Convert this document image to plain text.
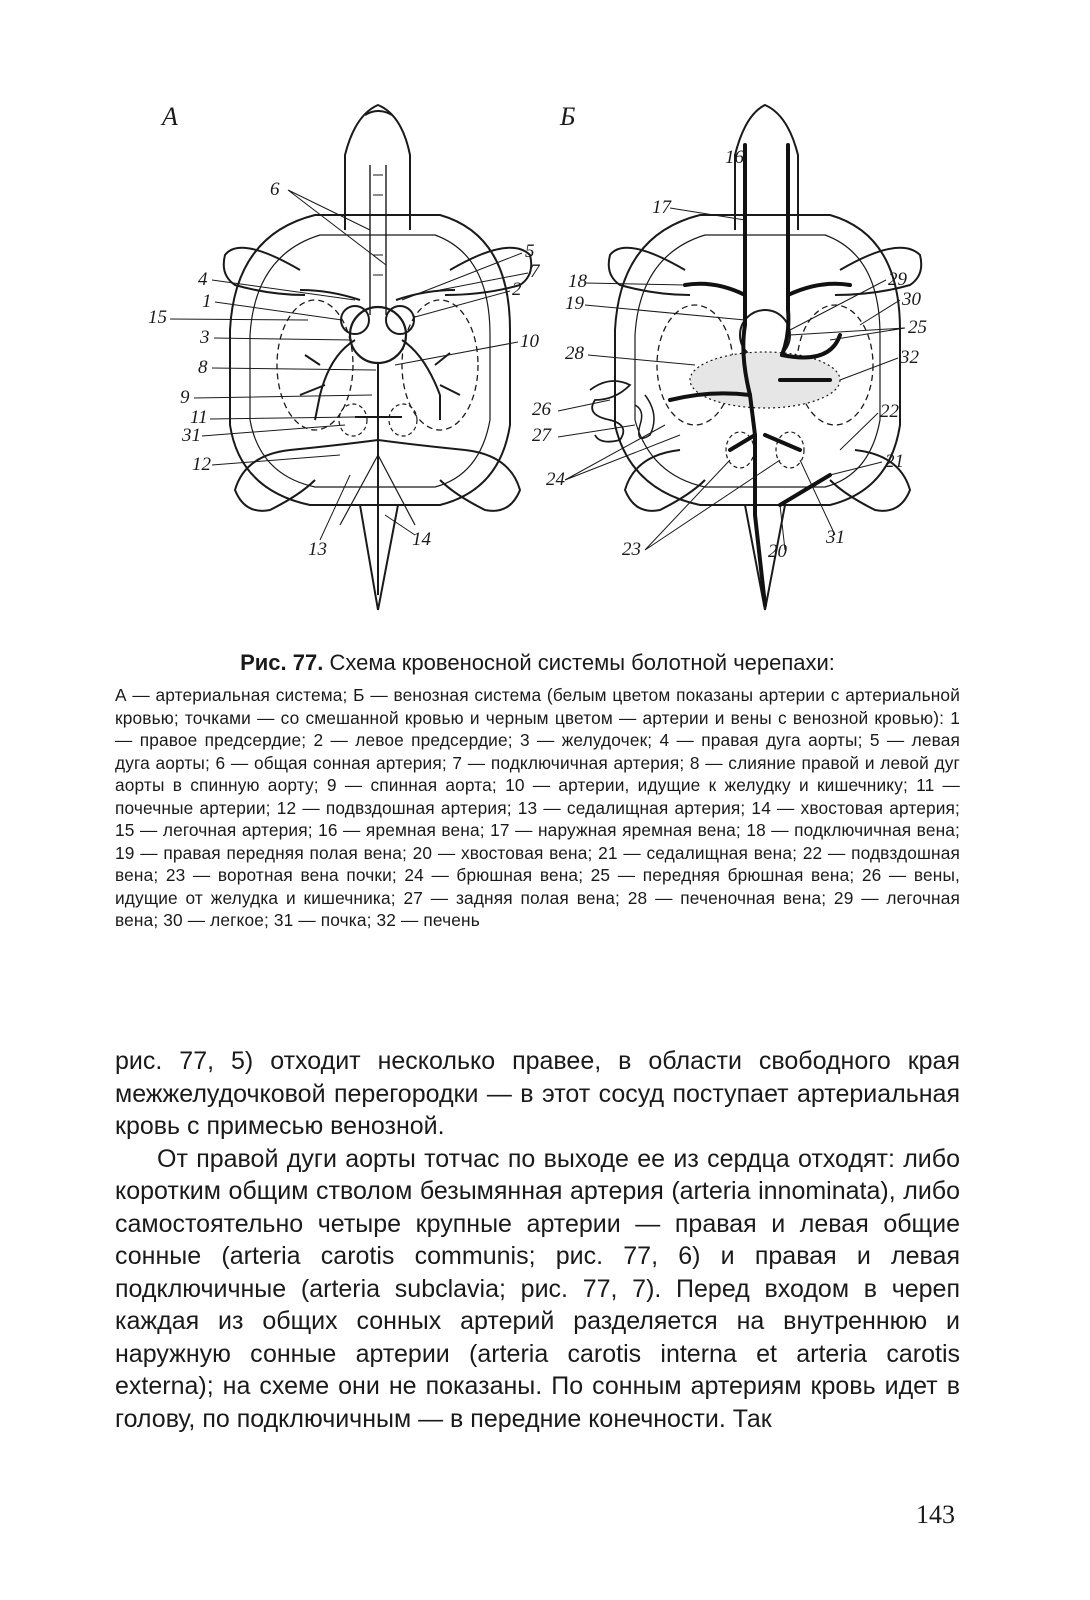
А	Б
6
4
1
15
3
8
9
11
31
12
5
7
2
10
13	14
16
17
18
19
28
26
27
24
23	20
31
21
22
32
25
30
29

Рис. 77. Схема кровеносной системы болотной черепахи:

А — артериальная система; Б — венозная система (белым цветом показаны артерии с артериальной кровью; точками — со смешанной кровью и черным цветом — артерии и вены с венозной кровью): 1 — правое предсердие; 2 — левое предсердие; 3 — желудочек; 4 — правая дуга аорты; 5 — левая дуга аорты; 6 — общая сонная артерия; 7 — подключичная артерия; 8 — слияние правой и левой дуг аорты в спинную аорту; 9 — спинная аорта; 10 — артерии, идущие к желудку и кишечнику; 11 — почечные артерии; 12 — подвздошная артерия; 13 — седалищная артерия; 14 — хвостовая артерия; 15 — легочная артерия; 16 — яремная вена; 17 — наружная яремная вена; 18 — подключичная вена; 19 — правая передняя полая вена; 20 — хвостовая вена; 21 — седалищная вена; 22 — подвздошная вена; 23 — воротная вена почки; 24 — брюшная вена; 25 — передняя брюшная вена; 26 — вены, идущие от желудка и кишечника; 27 — задняя полая вена; 28 — печеночная вена; 29 — легочная вена; 30 — легкое; 31 — почка; 32 — печень

рис. 77, 5) отходит несколько правее, в области свободного края межжелудочковой перегородки — в этот сосуд поступает артериальная кровь с примесью венозной.

От правой дуги аорты тотчас по выходе ее из сердца отходят: либо коротким общим стволом безымянная артерия (arteria innominata), либо самостоятельно четыре крупные артерии — правая и левая общие сонные (arteria carotis communis; рис. 77, 6) и правая и левая подключичные (arteria subclavia; рис. 77, 7). Перед входом в череп каждая из общих сонных артерий разделяется на внутреннюю и наружную сонные артерии (arteria carotis interna et arteria carotis externa); на схеме они не показаны. По сонным артериям кровь идет в голову, по подключичным — в передние конечности. Так

143
